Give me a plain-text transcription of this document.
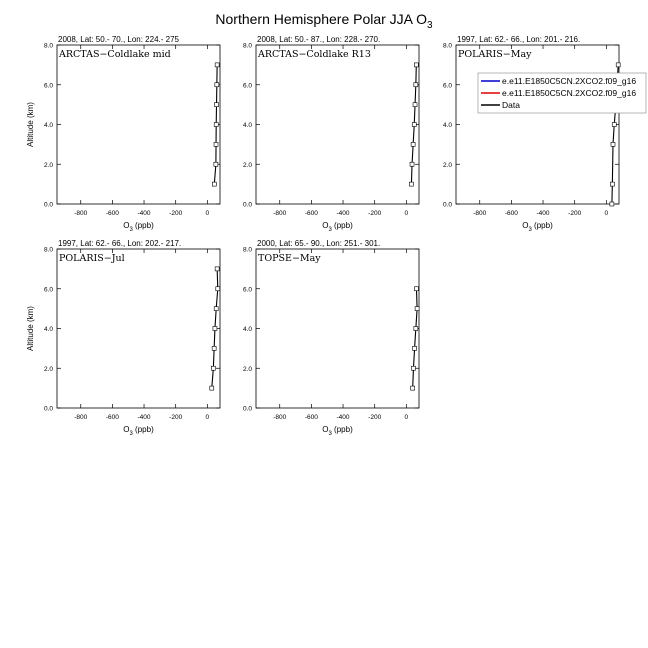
Northern Hemisphere Polar JJA $O_3$
2008, Lat: 50.- 70., Lon: 224.- 275
ARCTAS−Coldlake mid
-800	-600	-400	-200	0
0.0
2.0
4.0
6.0
8.0
$O_3$ (ppb)
Altitude (km)
2008, Lat: 50.- 87., Lon: 228.- 270.
ARCTAS−Coldlake R13
-800	-600	-400	-200	0
0.0
2.0
4.0
6.0
8.0
$O_3$ (ppb)
1997, Lat: 62.- 66., Lon: 201.- 216.
POLARIS−May
-800	-600	-400	-200	0
0.0
2.0
4.0
6.0
8.0
$O_3$ (ppb)
e.e11.E1850C5CN.2XCO2.f09_g16
e.e11.E1850C5CN.2XCO2.f09_g16
Data
1997, Lat: 62.- 66., Lon: 202.- 217.
POLARIS−Jul
-800	-600	-400	-200	0
0.0
2.0
4.0
6.0
8.0
$O_3$ (ppb)
Altitude (km)
2000, Lat: 65.- 90., Lon: 251.- 301.
TOPSE−May
-800	-600	-400	-200	0
0.0
2.0
4.0
6.0
8.0
$O_3$ (ppb)
